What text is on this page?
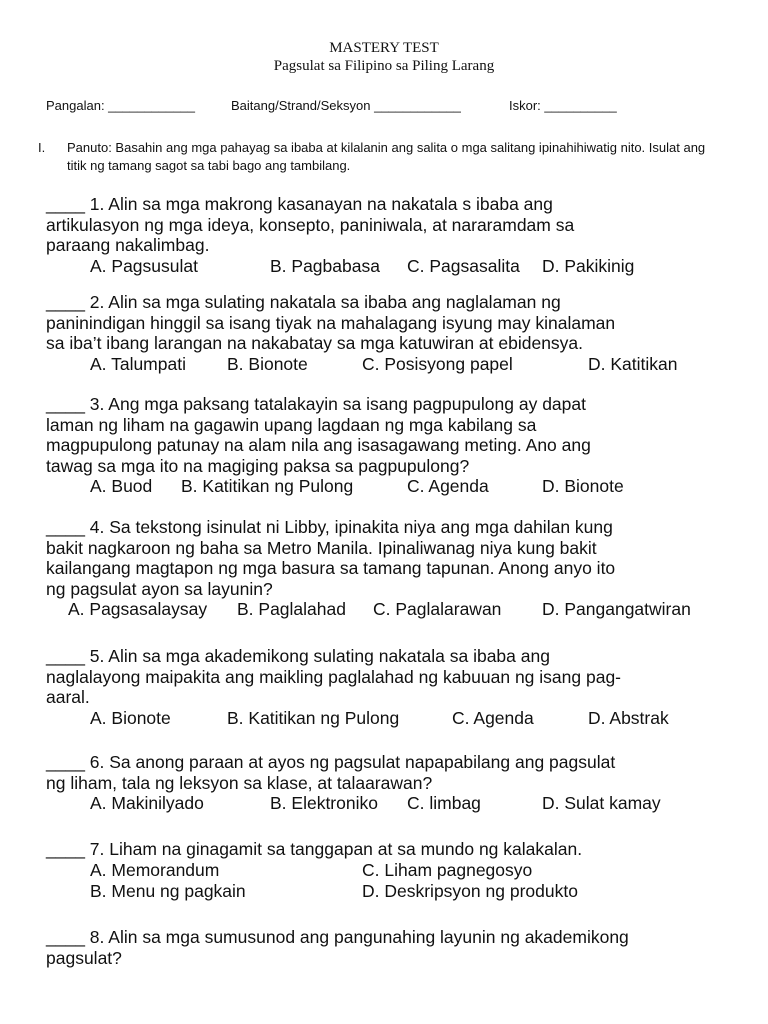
MASTERY TEST
Pagsulat sa Filipino sa Piling Larang
Pangalan: ____________	Baitang/Strand/Seksyon ____________	Iskor: __________
I. Panuto: Basahin ang mga pahayag sa ibaba at kilalanin ang salita o mga salitang ipinahihiwatig nito. Isulat ang titik ng tamang sagot sa tabi bago ang tambilang.
____ 1. Alin sa mga makrong kasanayan na nakatala s ibaba ang
artikulasyon ng mga ideya, konsepto, paniniwala, at nararamdam sa
paraang nakalimbag.
A. Pagsusulat	B. Pagbabasa C. Pagsasalita D. Pakikinig
____ 2. Alin sa mga sulating nakatala sa ibaba ang naglalaman ng
paninindigan hinggil sa isang tiyak na mahalagang isyung may kinalaman
sa iba’t ibang larangan na nakabatay sa mga katuwiran at ebidensya.
A. Talumpati B. Bionote	C. Posisyong papel	D. Katitikan
____ 3. Ang mga paksang tatalakayin sa isang pagpupulong ay dapat
laman ng liham na gagawin upang lagdaan ng mga kabilang sa
magpupulong patunay na alam nila ang isasagawang meting. Ano ang
tawag sa mga ito na magiging paksa sa pagpupulong?
A. Buod B. Katitikan ng Pulong	C. Agenda	D. Bionote
____ 4. Sa tekstong isinulat ni Libby, ipinakita niya ang mga dahilan kung
bakit nagkaroon ng baha sa Metro Manila. Ipinaliwanag niya kung bakit
kailangang magtapon ng mga basura sa tamang tapunan. Anong anyo ito
ng pagsulat ayon sa layunin?
A. Pagsasalaysay B. Paglalahad C. Paglalarawan D. Pangangatwiran
____ 5. Alin sa mga akademikong sulating nakatala sa ibaba ang
naglalayong maipakita ang maikling paglalahad ng kabuuan ng isang pag-
aaral.
A. Bionote	B. Katitikan ng Pulong	C. Agenda	D. Abstrak
____ 6. Sa anong paraan at ayos ng pagsulat napapabilang ang pagsulat
ng liham, tala ng leksyon sa klase, at talaarawan?
A. Makinilyado	B. Elektroniko C. limbag	D. Sulat kamay
____ 7. Liham na ginagamit sa tanggapan at sa mundo ng kalakalan.
A. Memorandum	C. Liham pagnegosyo
B. Menu ng pagkain	D. Deskripsyon ng produkto
____ 8. Alin sa mga sumusunod ang pangunahing layunin ng akademikong
pagsulat?
